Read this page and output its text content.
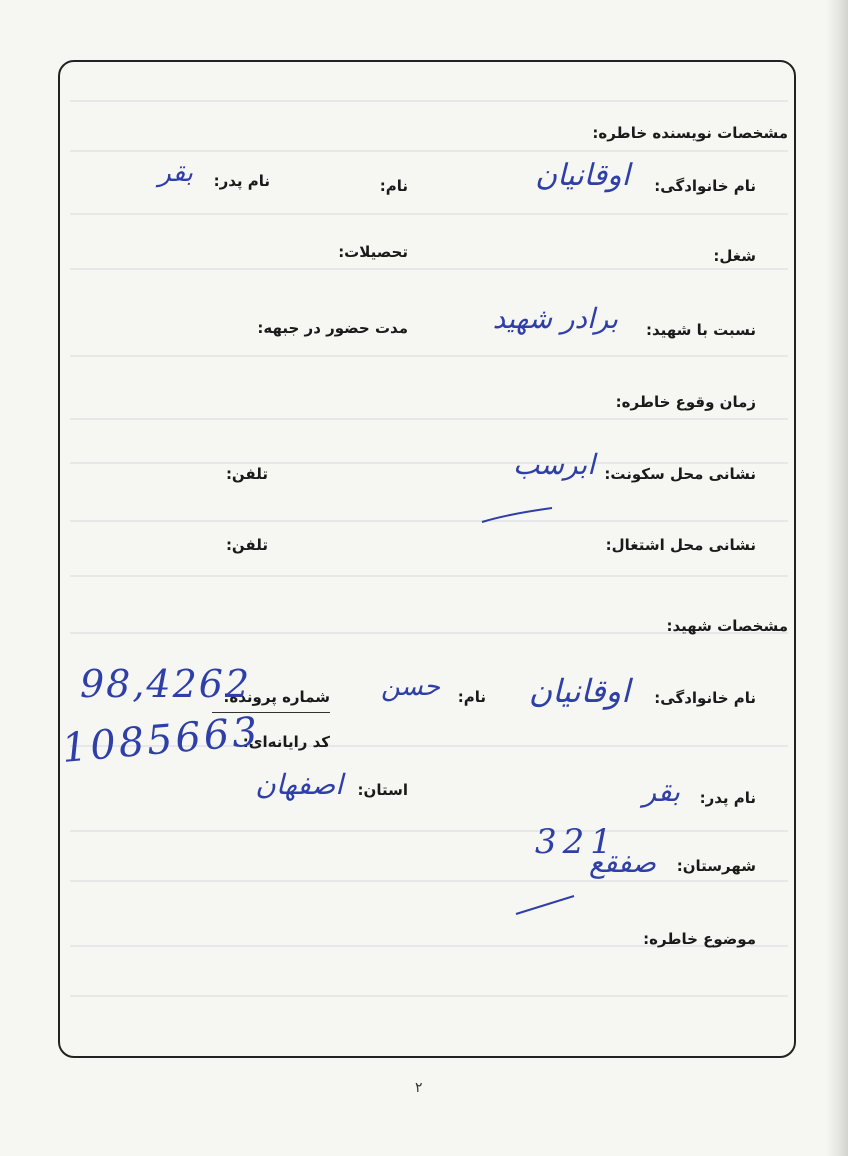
مشخصات نویسنده خاطره:
نام خانوادگی:
اوقانیان
نام:
نام پدر:
بقر
شغل:
تحصیلات:
نسبت با شهید:
برادر شهید
مدت حضور در جبهه:
زمان وقوع خاطره:
نشانی محل سکونت:
ابرسب
تلفن:
نشانی محل اشتغال:
تلفن:
مشخصات شهید:
نام خانوادگی:
اوقانیان
نام:
حسن
شماره پرونده:
98,4262
کد رایانه‌ای:
1085663
نام پدر:
بقر
استان:
اصفهان
شهرستان:
صفقع
321
موضوع خاطره:
۲
